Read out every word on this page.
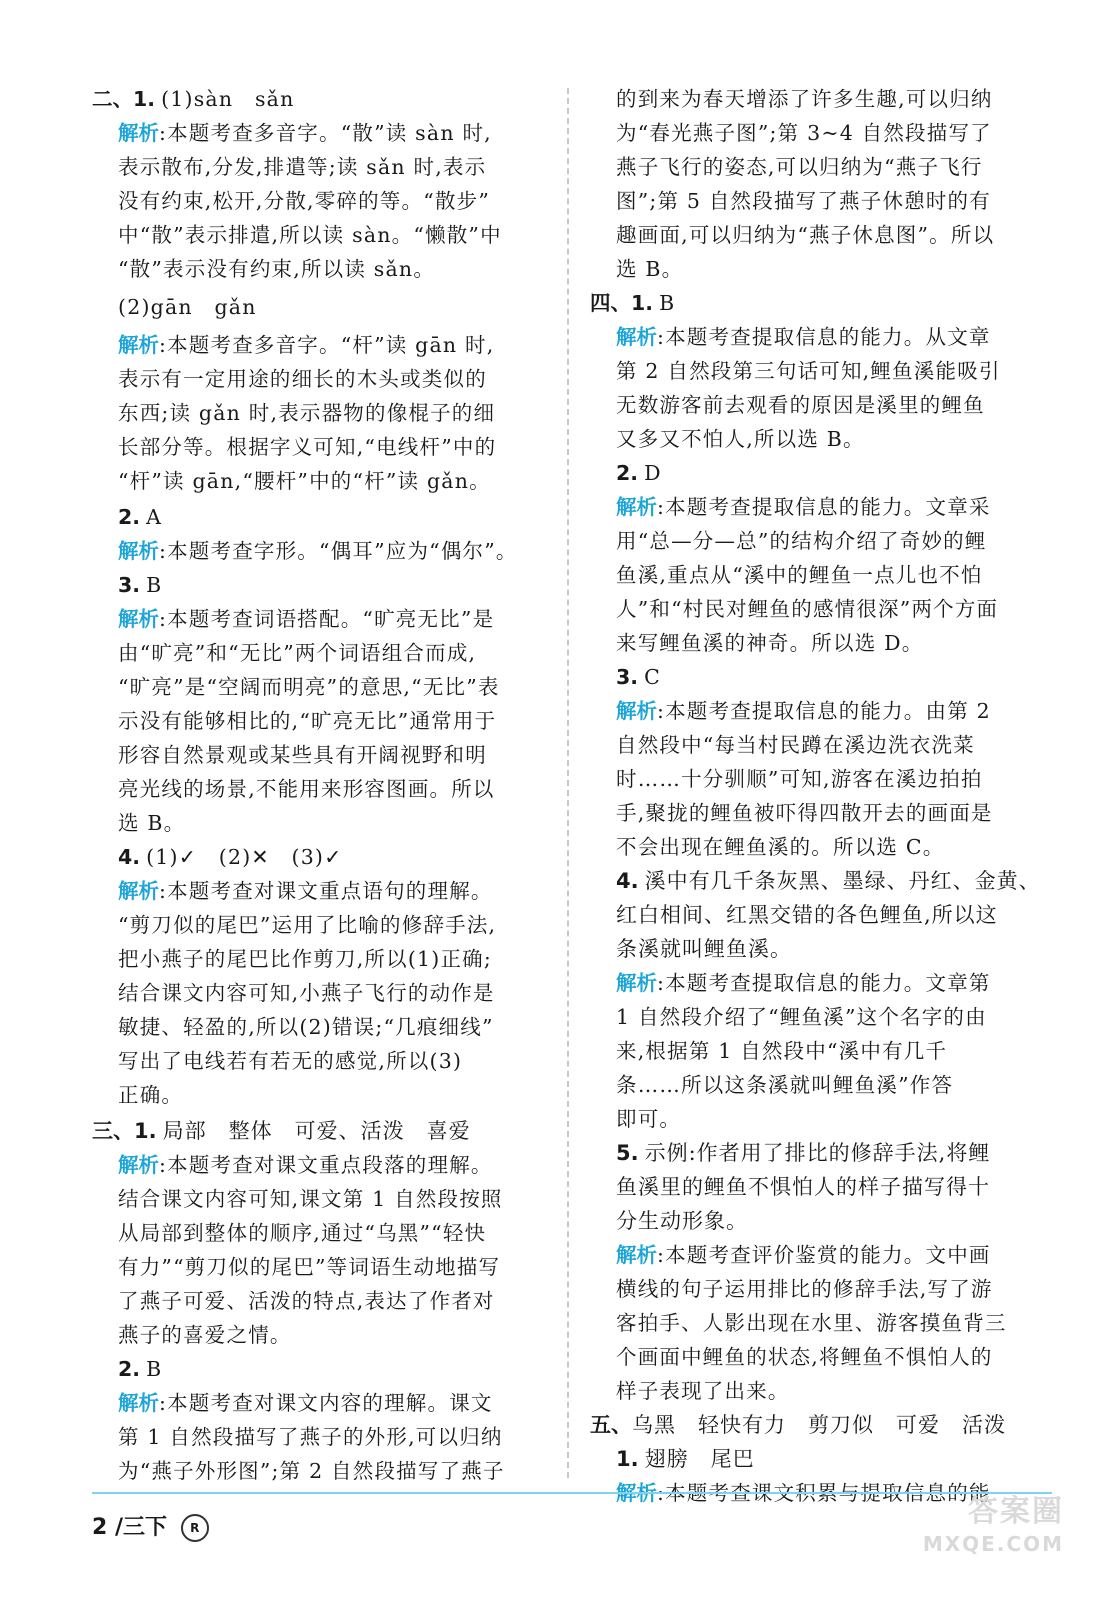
二、1. (1)sàn　sǎn
解析:本题考查多音字。“散”读 sàn 时,
表示散布,分发,排遣等;读 sǎn 时,表示
没有约束,松开,分散,零碎的等。“散步”
中“散”表示排遣,所以读 sàn。“懒散”中
“散”表示没有约束,所以读 sǎn。
(2)gān　gǎn
解析:本题考查多音字。“杆”读 gān 时,
表示有一定用途的细长的木头或类似的
东西;读 gǎn 时,表示器物的像棍子的细
长部分等。根据字义可知,“电线杆”中的
“杆”读 gān,“腰杆”中的“杆”读 gǎn。
2. A
解析:本题考查字形。“偶耳”应为“偶尔”。
3. B
解析:本题考查词语搭配。“旷亮无比”是
由“旷亮”和“无比”两个词语组合而成,
“旷亮”是“空阔而明亮”的意思,“无比”表
示没有能够相比的,“旷亮无比”通常用于
形容自然景观或某些具有开阔视野和明
亮光线的场景,不能用来形容图画。所以
选 B。
4. (1)✓　(2)✕　(3)✓
解析:本题考查对课文重点语句的理解。
“剪刀似的尾巴”运用了比喻的修辞手法,
把小燕子的尾巴比作剪刀,所以(1)正确;
结合课文内容可知,小燕子飞行的动作是
敏捷、轻盈的,所以(2)错误;“几痕细线”
写出了电线若有若无的感觉,所以(3)
正确。
三、1. 局部　整体　可爱、活泼　喜爱
解析:本题考查对课文重点段落的理解。
结合课文内容可知,课文第 1 自然段按照
从局部到整体的顺序,通过“乌黑”“轻快
有力”“剪刀似的尾巴”等词语生动地描写
了燕子可爱、活泼的特点,表达了作者对
燕子的喜爱之情。
2. B
解析:本题考查对课文内容的理解。课文
第 1 自然段描写了燕子的外形,可以归纳
为“燕子外形图”;第 2 自然段描写了燕子
的到来为春天增添了许多生趣,可以归纳
为“春光燕子图”;第 3~4 自然段描写了
燕子飞行的姿态,可以归纳为“燕子飞行
图”;第 5 自然段描写了燕子休憩时的有
趣画面,可以归纳为“燕子休息图”。所以
选 B。
四、1. B
解析:本题考查提取信息的能力。从文章
第 2 自然段第三句话可知,鲤鱼溪能吸引
无数游客前去观看的原因是溪里的鲤鱼
又多又不怕人,所以选 B。
2. D
解析:本题考查提取信息的能力。文章采
用“总—分—总”的结构介绍了奇妙的鲤
鱼溪,重点从“溪中的鲤鱼一点儿也不怕
人”和“村民对鲤鱼的感情很深”两个方面
来写鲤鱼溪的神奇。所以选 D。
3. C
解析:本题考查提取信息的能力。由第 2
自然段中“每当村民蹲在溪边洗衣洗菜
时……十分驯顺”可知,游客在溪边拍拍
手,聚拢的鲤鱼被吓得四散开去的画面是
不会出现在鲤鱼溪的。所以选 C。
4. 溪中有几千条灰黑、墨绿、丹红、金黄、
红白相间、红黑交错的各色鲤鱼,所以这
条溪就叫鲤鱼溪。
解析:本题考查提取信息的能力。文章第
1 自然段介绍了“鲤鱼溪”这个名字的由
来,根据第 1 自然段中“溪中有几千
条……所以这条溪就叫鲤鱼溪”作答
即可。
5. 示例:作者用了排比的修辞手法,将鲤
鱼溪里的鲤鱼不惧怕人的样子描写得十
分生动形象。
解析:本题考查评价鉴赏的能力。文中画
横线的句子运用排比的修辞手法,写了游
客拍手、人影出现在水里、游客摸鱼背三
个画面中鲤鱼的状态,将鲤鱼不惧怕人的
样子表现了出来。
五、乌黑　轻快有力　剪刀似　可爱　活泼
1. 翅膀　尾巴
解析:本题考查课文积累与提取信息的能
2 /三下 R	答案圈
MXQE.COM
